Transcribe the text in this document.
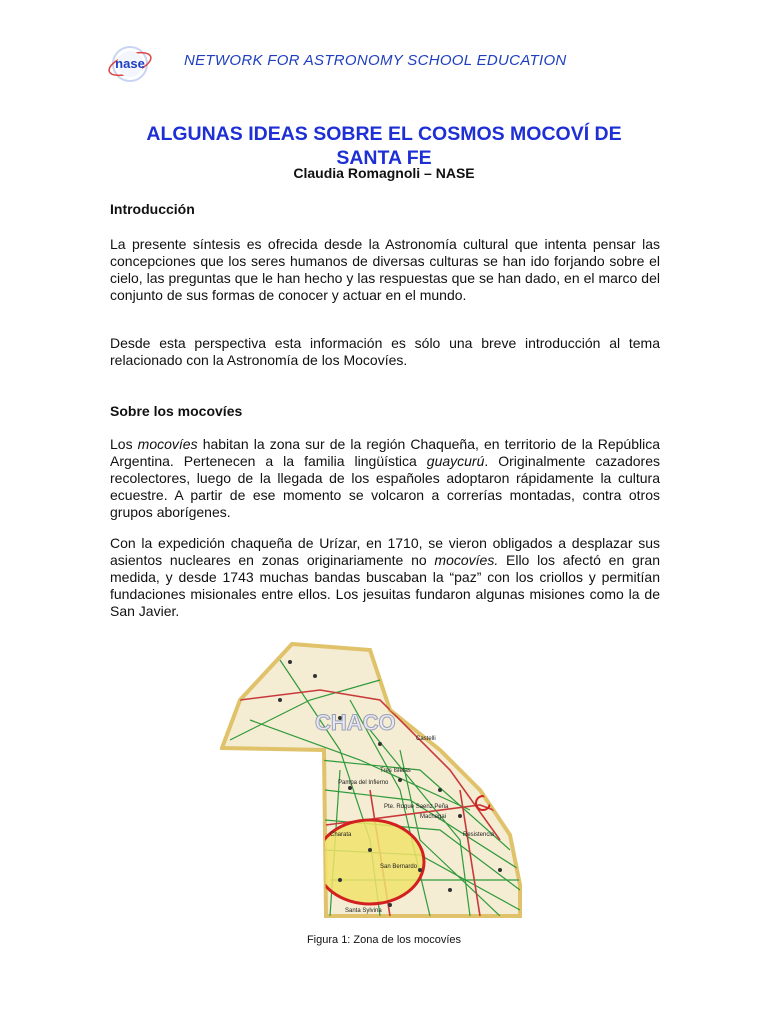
nase	NETWORK FOR ASTRONOMY SCHOOL EDUCATION
ALGUNAS IDEAS SOBRE EL COSMOS MOCOVÍ DE
SANTA FE
Claudia Romagnoli – NASE
Introducción

La presente síntesis es ofrecida desde la Astronomía cultural que intenta pensar las concepciones que los seres humanos de diversas culturas se han ido forjando sobre el cielo, las preguntas que le han hecho y las respuestas que se han dado, en el marco del conjunto de sus formas de conocer y actuar en el mundo.

Desde esta perspectiva esta información es sólo una breve introducción al tema relacionado con la Astronomía de los Mocovíes.

Sobre los mocovíes

Los mocovíes habitan la zona sur de la región Chaqueña, en territorio de la República Argentina. Pertenecen a la familia lingüística guaycurú. Originalmente cazadores recolectores, luego de la llegada de los españoles adoptaron rápidamente la cultura ecuestre. A partir de ese momento se volcaron a correrías montadas, contra otros grupos aborígenes.

Con la expedición chaqueña de Urízar, en 1710, se vieron obligados a desplazar sus asientos nucleares en zonas originariamente no mocovíes. Ello los afectó en gran medida, y desde 1743 muchas bandas buscaban la “paz” con los criollos y permitían fundaciones misionales entre ellos. Los jesuitas fundaron algunas misiones como la de San Javier.

CHACO
Resistencia
Pampa del Infierno
Tres Isletas
Castelli
Charata
Machagai
San Bernardo
Santa Sylvina
Pte. Roque Saenz Peña
Figura 1: Zona de los mocovíes
